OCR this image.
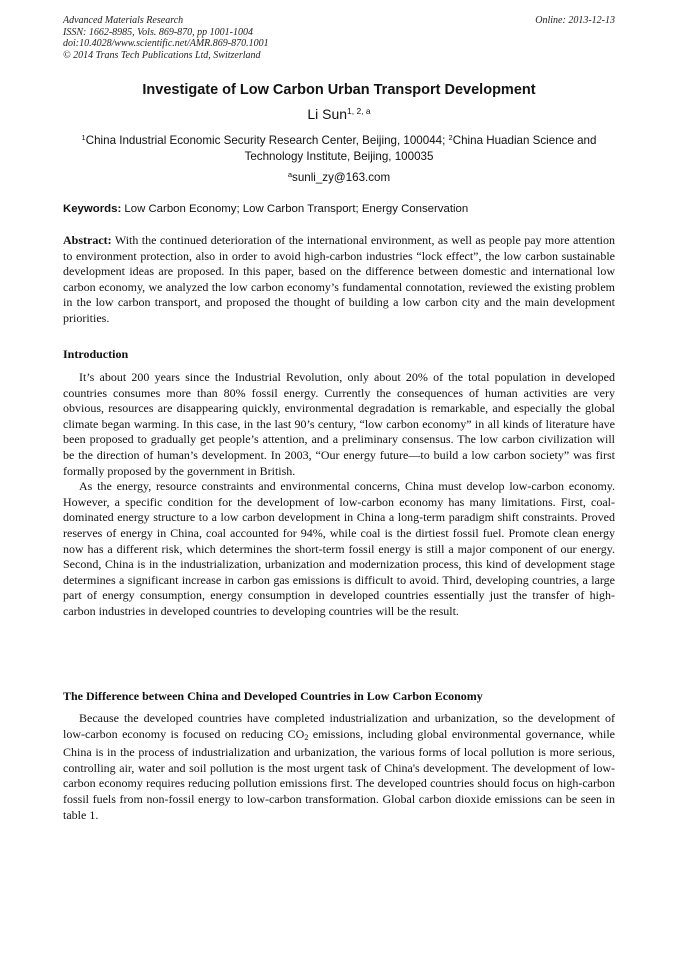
Advanced Materials Research
ISSN: 1662-8985, Vols. 869-870, pp 1001-1004
doi:10.4028/www.scientific.net/AMR.869-870.1001
© 2014 Trans Tech Publications Ltd, Switzerland
Online: 2013-12-13
Investigate of Low Carbon Urban Transport Development
Li Sun$^{1, 2, a}$
$^1$China Industrial Economic Security Research Center, Beijing, 100044; $^2$China Huadian Science and Technology Institute, Beijing, 100035
$^a$sunli_zy@163.com
Keywords: Low Carbon Economy; Low Carbon Transport; Energy Conservation
Abstract: With the continued deterioration of the international environment, as well as people pay more attention to environment protection, also in order to avoid high-carbon industries “lock effect”, the low carbon sustainable development ideas are proposed. In this paper, based on the difference between domestic and international low carbon economy, we analyzed the low carbon economy’s fundamental connotation, reviewed the existing problem in the low carbon transport, and proposed the thought of building a low carbon city and the main development priorities.
Introduction

It’s about 200 years since the Industrial Revolution, only about 20% of the total population in developed countries consumes more than 80% fossil energy. Currently the consequences of human activities are very obvious, resources are disappearing quickly, environmental degradation is remarkable, and especially the global climate began warming. In this case, in the last 90’s century, “low carbon economy” in all kinds of literature have been proposed to gradually get people’s attention, and a preliminary consensus. The low carbon civilization will be the direction of human’s development. In 2003, “Our energy future—to build a low carbon society” was first formally proposed by the government in British.

As the energy, resource constraints and environmental concerns, China must develop low-carbon economy. However, a specific condition for the development of low-carbon economy has many limitations. First, coal-dominated energy structure to a low carbon development in China a long-term paradigm shift constraints. Proved reserves of energy in China, coal accounted for 94%, while coal is the dirtiest fossil fuel. Promote clean energy now has a different risk, which determines the short-term fossil energy is still a major component of our energy. Second, China is in the industrialization, urbanization and modernization process, this kind of development stage determines a significant increase in carbon gas emissions is difficult to avoid. Third, developing countries, a large part of energy consumption, energy consumption in developed countries essentially just the transfer of high-carbon industries in developed countries to developing countries will be the result.

The Difference between China and Developed Countries in Low Carbon Economy

Because the developed countries have completed industrialization and urbanization, so the development of low-carbon economy is focused on reducing $CO_2$ emissions, including global environmental governance, while China is in the process of industrialization and urbanization, the various forms of local pollution is more serious, controlling air, water and soil pollution is the most urgent task of China's development. The development of low-carbon economy requires reducing pollution emissions first. The developed countries should focus on high-carbon fossil fuels from non-fossil energy to low-carbon transformation. Global carbon dioxide emissions can be seen in table 1.
